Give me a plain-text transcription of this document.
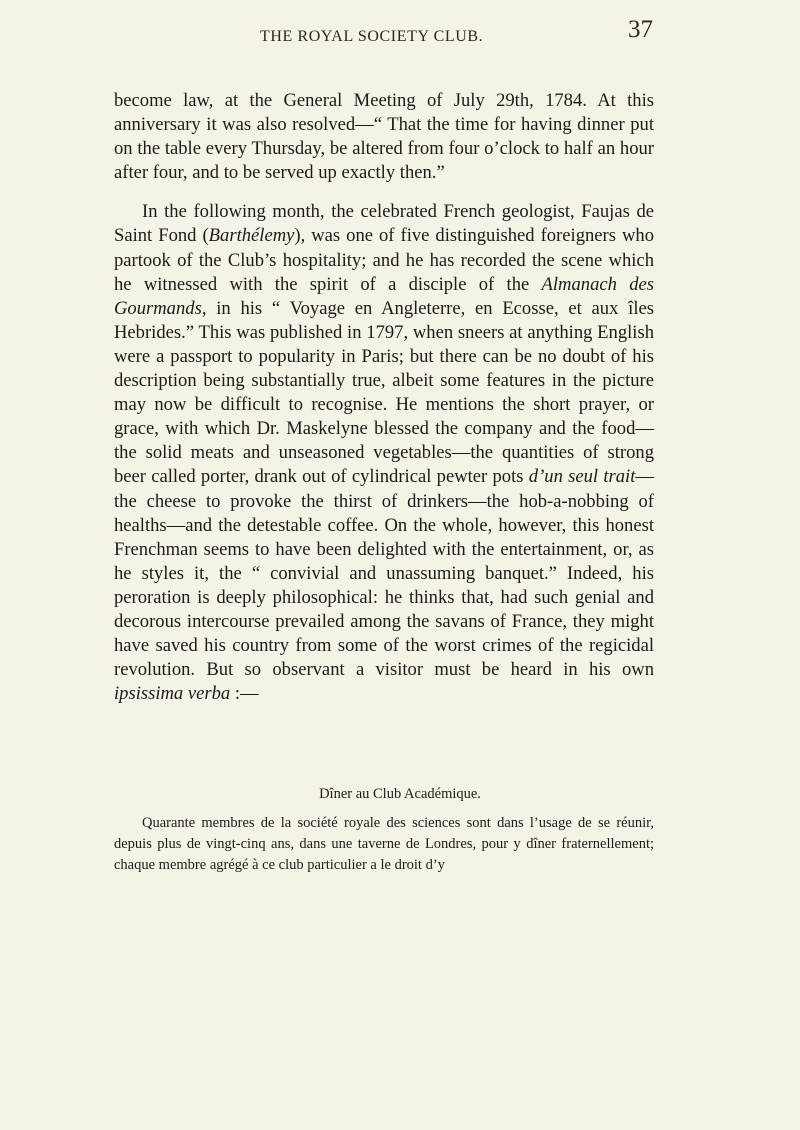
THE ROYAL SOCIETY CLUB.	37

become law, at the General Meeting of July 29th, 1784. At this anniversary it was also resolved—“ That the time for having dinner put on the table every Thursday, be altered from four o’clock to half an hour after four, and to be served up exactly then.”

In the following month, the celebrated French geologist, Faujas de Saint Fond (Barthélemy), was one of five distinguished foreigners who partook of the Club’s hospitality; and he has recorded the scene which he witnessed with the spirit of a disciple of the Almanach des Gourmands, in his “ Voyage en Angleterre, en Ecosse, et aux îles Hebrides.” This was published in 1797, when sneers at anything English were a passport to popularity in Paris; but there can be no doubt of his description being substantially true, albeit some features in the picture may now be difficult to recognise. He mentions the short prayer, or grace, with which Dr. Maskelyne blessed the company and the food—the solid meats and unseasoned vegetables—the quantities of strong beer called porter, drank out of cylindrical pewter pots d’un seul trait—the cheese to provoke the thirst of drinkers—the hob-a-nobbing of healths—and the detestable coffee. On the whole, however, this honest Frenchman seems to have been delighted with the entertainment, or, as he styles it, the “ convivial and unassuming banquet.” Indeed, his peroration is deeply philosophical: he thinks that, had such genial and decorous intercourse prevailed among the savans of France, they might have saved his country from some of the worst crimes of the regicidal revolution. But so observant a visitor must be heard in his own ipsissima verba :—

Dîner au Club Académique.
Quarante membres de la société royale des sciences sont dans l’usage de se réunir, depuis plus de vingt-cinq ans, dans une taverne de Londres, pour y dîner fraternellement; chaque membre agrégé à ce club particulier a le droit d’y
